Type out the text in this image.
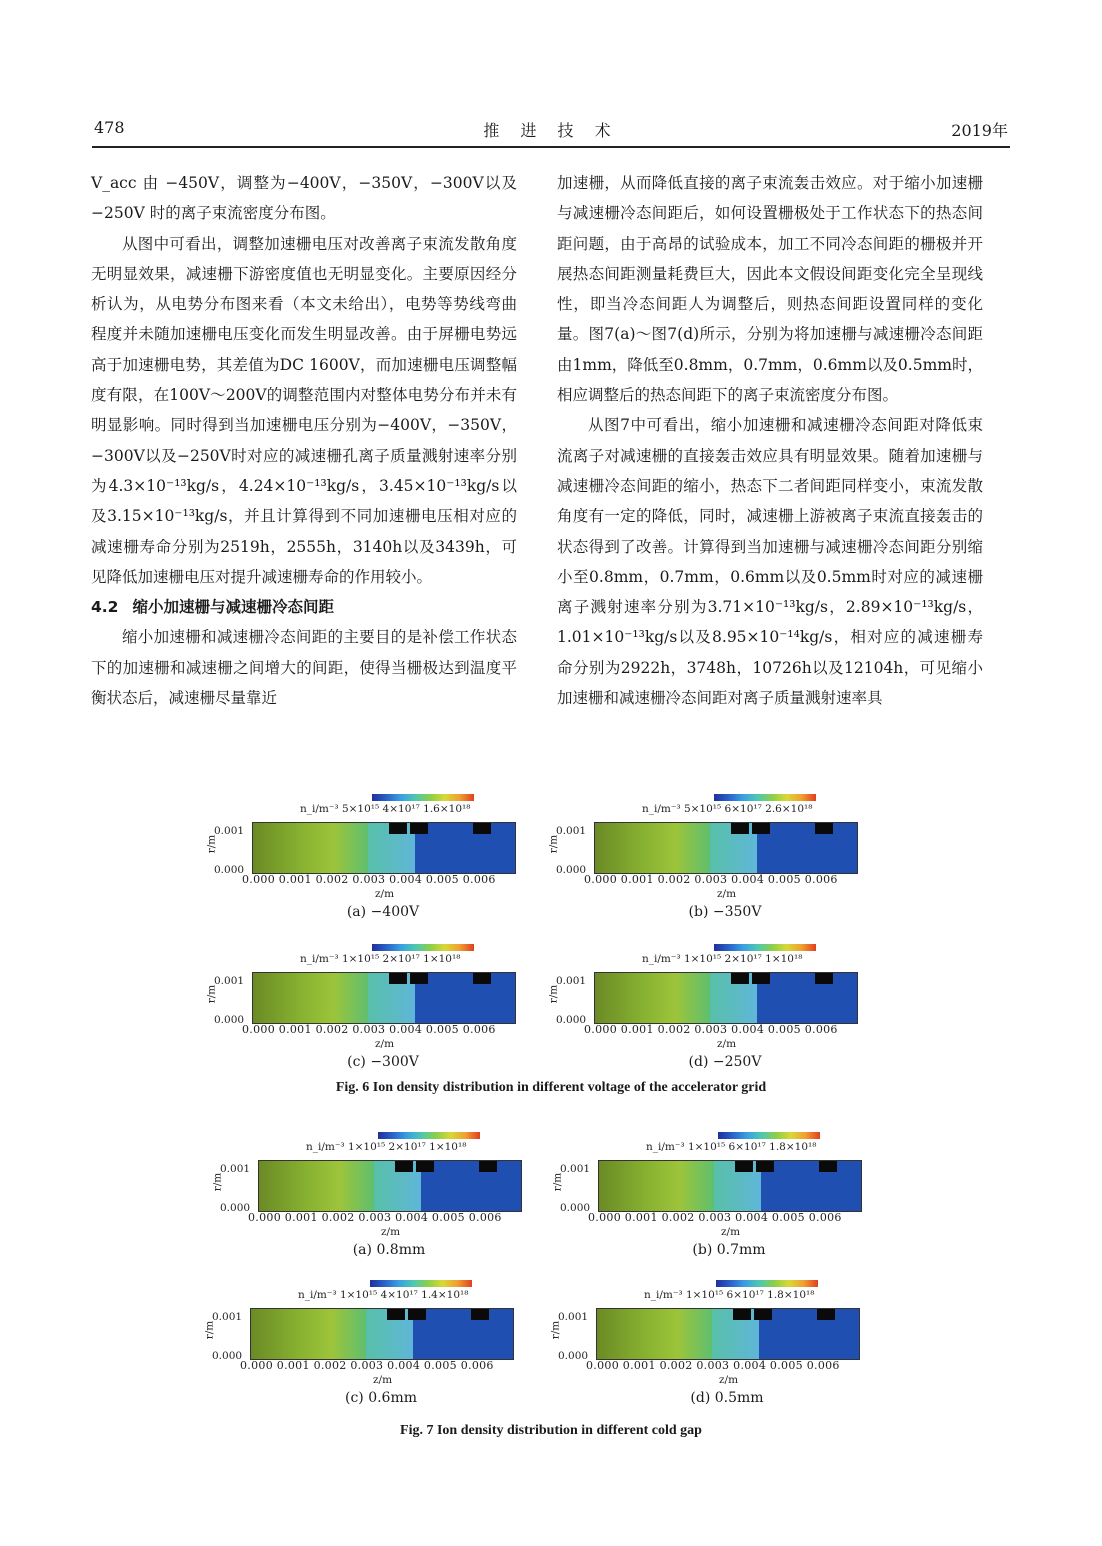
478	推 进 技 术	2019年

V_acc 由 −450V，调整为−400V，−350V，−300V以及−250V 时的离子束流密度分布图。

从图中可看出，调整加速栅电压对改善离子束流发散角度无明显效果，减速栅下游密度值也无明显变化。主要原因经分析认为，从电势分布图来看（本文未给出），电势等势线弯曲程度并未随加速栅电压变化而发生明显改善。由于屏栅电势远高于加速栅电势，其差值为DC 1600V，而加速栅电压调整幅度有限，在100V～200V的调整范围内对整体电势分布并未有明显影响。同时得到当加速栅电压分别为−400V，−350V，−300V以及−250V时对应的减速栅孔离子质量溅射速率分别为4.3×10⁻¹³kg/s，4.24×10⁻¹³kg/s，3.45×10⁻¹³kg/s以及3.15×10⁻¹³kg/s，并且计算得到不同加速栅电压相对应的减速栅寿命分别为2519h，2555h，3140h以及3439h，可见降低加速栅电压对提升减速栅寿命的作用较小。

4.2 缩小加速栅与减速栅冷态间距

缩小加速栅和减速栅冷态间距的主要目的是补偿工作状态下的加速栅和减速栅之间增大的间距，使得当栅极达到温度平衡状态后，减速栅尽量靠近

加速栅，从而降低直接的离子束流轰击效应。对于缩小加速栅与减速栅冷态间距后，如何设置栅极处于工作状态下的热态间距问题，由于高昂的试验成本，加工不同冷态间距的栅极并开展热态间距测量耗费巨大，因此本文假设间距变化完全呈现线性，即当冷态间距人为调整后，则热态间距设置同样的变化量。图7(a)～图7(d)所示，分别为将加速栅与减速栅冷态间距由1mm，降低至0.8mm，0.7mm，0.6mm以及0.5mm时，相应调整后的热态间距下的离子束流密度分布图。

从图7中可看出，缩小加速栅和减速栅冷态间距对降低束流离子对减速栅的直接轰击效应具有明显效果。随着加速栅与减速栅冷态间距的缩小，热态下二者间距同样变小，束流发散角度有一定的降低，同时，减速栅上游被离子束流直接轰击的状态得到了改善。计算得到当加速栅与减速栅冷态间距分别缩小至0.8mm，0.7mm，0.6mm以及0.5mm时对应的减速栅离子溅射速率分别为3.71×10⁻¹³kg/s，2.89×10⁻¹³kg/s，1.01×10⁻¹³kg/s以及8.95×10⁻¹⁴kg/s，相对应的减速栅寿命分别为2922h，3748h，10726h以及12104h，可见缩小加速栅和减速栅冷态间距对离子质量溅射速率具

n_i/m⁻³ 5×10¹⁵ 4×10¹⁷ 1.6×10¹⁸
r/m
0.001
0.000
0.000 0.001 0.002 0.003 0.004 0.005 0.006
z/m
(a) −400V
n_i/m⁻³ 5×10¹⁵ 6×10¹⁷ 2.6×10¹⁸
r/m
0.001
0.000
0.000 0.001 0.002 0.003 0.004 0.005 0.006
z/m
(b) −350V
n_i/m⁻³ 1×10¹⁵ 2×10¹⁷ 1×10¹⁸
r/m
0.001
0.000
0.000 0.001 0.002 0.003 0.004 0.005 0.006
z/m
(c) −300V
n_i/m⁻³ 1×10¹⁵ 2×10¹⁷ 1×10¹⁸
r/m
0.001
0.000
0.000 0.001 0.002 0.003 0.004 0.005 0.006
z/m
(d) −250V
n_i/m⁻³ 1×10¹⁵ 2×10¹⁷ 1×10¹⁸
r/m
0.001
0.000
0.000 0.001 0.002 0.003 0.004 0.005 0.006
z/m
(a) 0.8mm
n_i/m⁻³ 1×10¹⁵ 6×10¹⁷ 1.8×10¹⁸
r/m
0.001
0.000
0.000 0.001 0.002 0.003 0.004 0.005 0.006
z/m
(b) 0.7mm
n_i/m⁻³ 1×10¹⁵ 4×10¹⁷ 1.4×10¹⁸
r/m
0.001
0.000
0.000 0.001 0.002 0.003 0.004 0.005 0.006
z/m
(c) 0.6mm
n_i/m⁻³ 1×10¹⁵ 6×10¹⁷ 1.8×10¹⁸
r/m
0.001
0.000
0.000 0.001 0.002 0.003 0.004 0.005 0.006
z/m
(d) 0.5mm
Fig. 6 Ion density distribution in different voltage of the accelerator grid
Fig. 7 Ion density distribution in different cold gap
